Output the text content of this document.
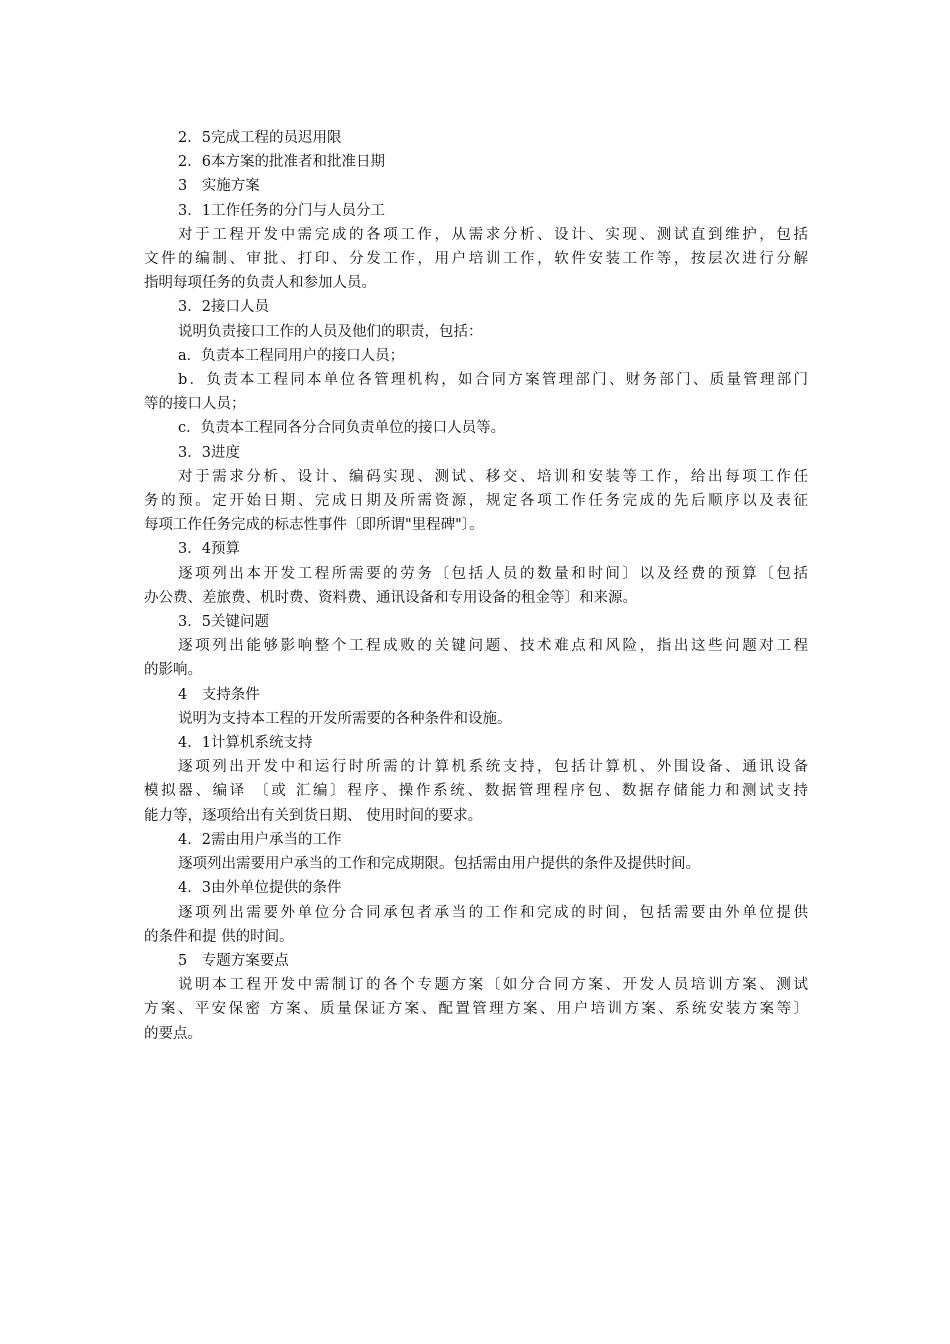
2．5完成工程的员迟用限
2．6本方案的批准者和批准日期
3　实施方案
3．1工作任务的分门与人员分工
对于工程开发中需完成的各项工作，从需求分析、设计、实现、测试直到维护，包括
文件的编制、审批、打印、分发工作，用户培训工作，软件安装工作等，按层次进行分解
指明每项任务的负责人和参加人员。
3．2接口人员
说明负责接口工作的人员及他们的职责，包括：
a．负责本工程同用户的接口人员；
b．负责本工程同本单位各管理机构，如合同方案管理部门、财务部门、质量管理部门
等的接口人员；
c．负责本工程同各分合同负责单位的接口人员等。
3．3进度
对于需求分析、设计、编码实现、测试、移交、培训和安装等工作，给出每项工作任
务的预。定开始日期、完成日期及所需资源，规定各项工作任务完成的先后顺序以及表征
每项工作任务完成的标志性事件〔即所谓"里程碑"〕。
3．4预算
逐项列出本开发工程所需要的劳务〔包括人员的数量和时间〕以及经费的预算〔包括
办公费、差旅费、机时费、资料费、通讯设备和专用设备的租金等〕和来源。
3．5关键问题
逐项列出能够影响整个工程成败的关键问题、技术难点和风险，指出这些问题对工程
的影响。
4　支持条件
说明为支持本工程的开发所需要的各种条件和设施。
4．1计算机系统支持
逐项列出开发中和运行时所需的计算机系统支持，包括计算机、外围设备、通讯设备
模拟器、编译 〔或 汇编〕程序、操作系统、数据管理程序包、数据存储能力和测试支持
能力等，逐项给出有关到货日期、 使用时间的要求。
4．2需由用户承当的工作
逐项列出需要用户承当的工作和完成期限。包括需由用户提供的条件及提供时间。
4．3由外单位提供的条件
逐项列出需要外单位分合同承包者承当的工作和完成的时间，包括需要由外单位提供
的条件和提 供的时间。
5　专题方案要点
说明本工程开发中需制订的各个专题方案〔如分合同方案、开发人员培训方案、测试
方案、平安保密 方案、质量保证方案、配置管理方案、用户培训方案、系统安装方案等〕
的要点。
